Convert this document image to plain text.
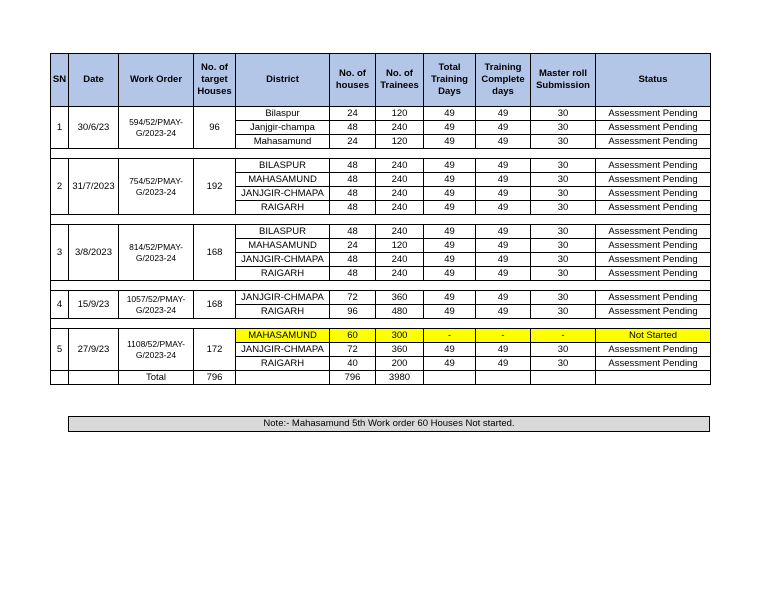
SN	Date	Work Order	No. of target Houses	District	No. of houses	No. of Trainees	Total Training Days	Training Complete days	Master roll Submission	Status
1	30/6/23	594/52/PMAY-G/2023-24	96	Bilaspur	24	120	49	49	30	Assessment Pending
				Janjgir-champa	48	240	49	49	30	Assessment Pending
				Mahasamund	24	120	49	49	30	Assessment Pending

2	31/7/2023	754/52/PMAY-G/2023-24	192	BILASPUR	48	240	49	49	30	Assessment Pending
				MAHASAMUND	48	240	49	49	30	Assessment Pending
				JANJGIR-CHMAPA	48	240	49	49	30	Assessment Pending
				RAIGARH	48	240	49	49	30	Assessment Pending

3	3/8/2023	814/52/PMAY-G/2023-24	168	BILASPUR	48	240	49	49	30	Assessment Pending
				MAHASAMUND	24	120	49	49	30	Assessment Pending
				JANJGIR-CHMAPA	48	240	49	49	30	Assessment Pending
				RAIGARH	48	240	49	49	30	Assessment Pending

4	15/9/23	1057/52/PMAY-G/2023-24	168	JANJGIR-CHMAPA	72	360	49	49	30	Assessment Pending
				RAIGARH	96	480	49	49	30	Assessment Pending

5	27/9/23	1108/52/PMAY-G/2023-24	172	MAHASAMUND	60	300	-	-	-	Not Started
				JANJGIR-CHMAPA	72	360	49	49	30	Assessment Pending
				RAIGARH	40	200	49	49	30	Assessment Pending
		Total	796		796	3980				
Note:- Mahasamund 5th Work order 60 Houses Not started.
